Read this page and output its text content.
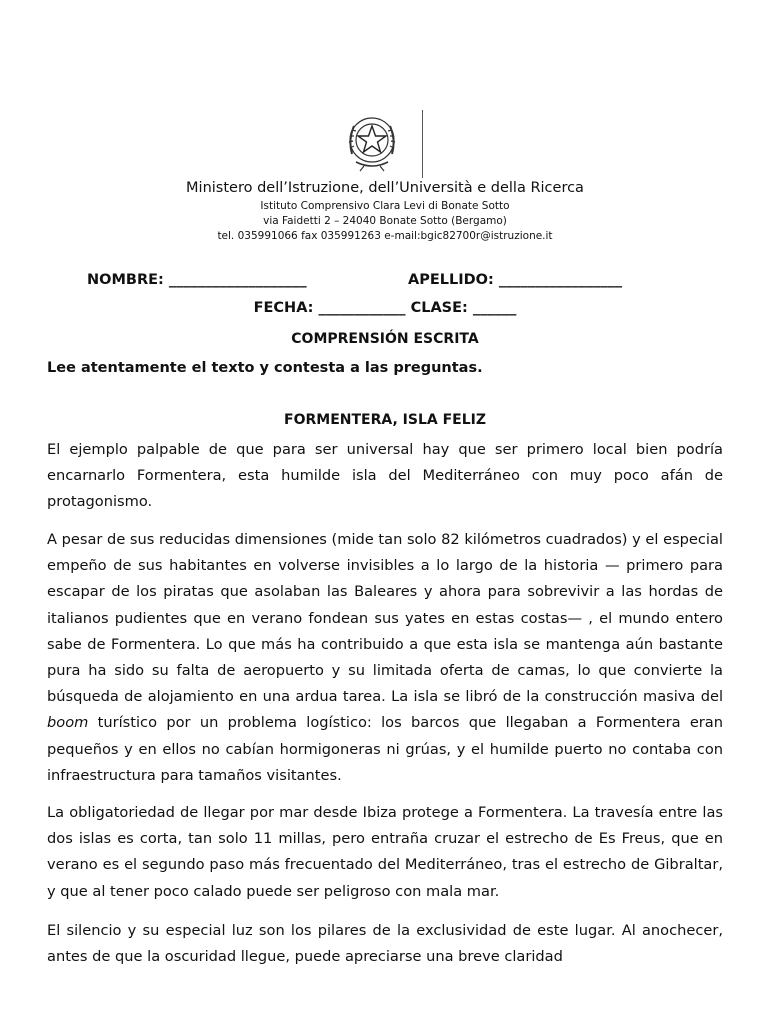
Ministero dell’Istruzione, dell’Università e della Ricerca
Istituto Comprensivo Clara Levi di Bonate Sotto
via Faidetti 2 – 24040 Bonate Sotto (Bergamo)
tel. 035991066 fax 035991263 e-mail:bgic82700r@istruzione.it
NOMBRE: ___________________	APELLIDO: _________________
FECHA: ____________ CLASE: ______
COMPRENSIÓN ESCRITA
Lee atentamente el texto y contesta a las preguntas.
FORMENTERA, ISLA FELIZ

El ejemplo palpable de que para ser universal hay que ser primero local bien podría encarnarlo Formentera, esta humilde isla del Mediterráneo con muy poco afán de protagonismo.

A pesar de sus reducidas dimensiones (mide tan solo 82 kilómetros cuadrados) y el especial empeño de sus habitantes en volverse invisibles a lo largo de la historia — primero para escapar de los piratas que asolaban las Baleares y ahora para sobrevivir a las hordas de italianos pudientes que en verano fondean sus yates en estas costas— , el mundo entero sabe de Formentera. Lo que más ha contribuido a que esta isla se mantenga aún bastante pura ha sido su falta de aeropuerto y su limitada oferta de camas, lo que convierte la búsqueda de alojamiento en una ardua tarea. La isla se libró de la construcción masiva del boom turístico por un problema logístico: los barcos que llegaban a Formentera eran pequeños y en ellos no cabían hormigoneras ni grúas, y el humilde puerto no contaba con infraestructura para tamaños visitantes.

La obligatoriedad de llegar por mar desde Ibiza protege a Formentera. La travesía entre las dos islas es corta, tan solo 11 millas, pero entraña cruzar el estrecho de Es Freus, que en verano es el segundo paso más frecuentado del Mediterráneo, tras el estrecho de Gibraltar, y que al tener poco calado puede ser peligroso con mala mar.

El silencio y su especial luz son los pilares de la exclusividad de este lugar. Al anochecer, antes de que la oscuridad llegue, puede apreciarse una breve claridad
